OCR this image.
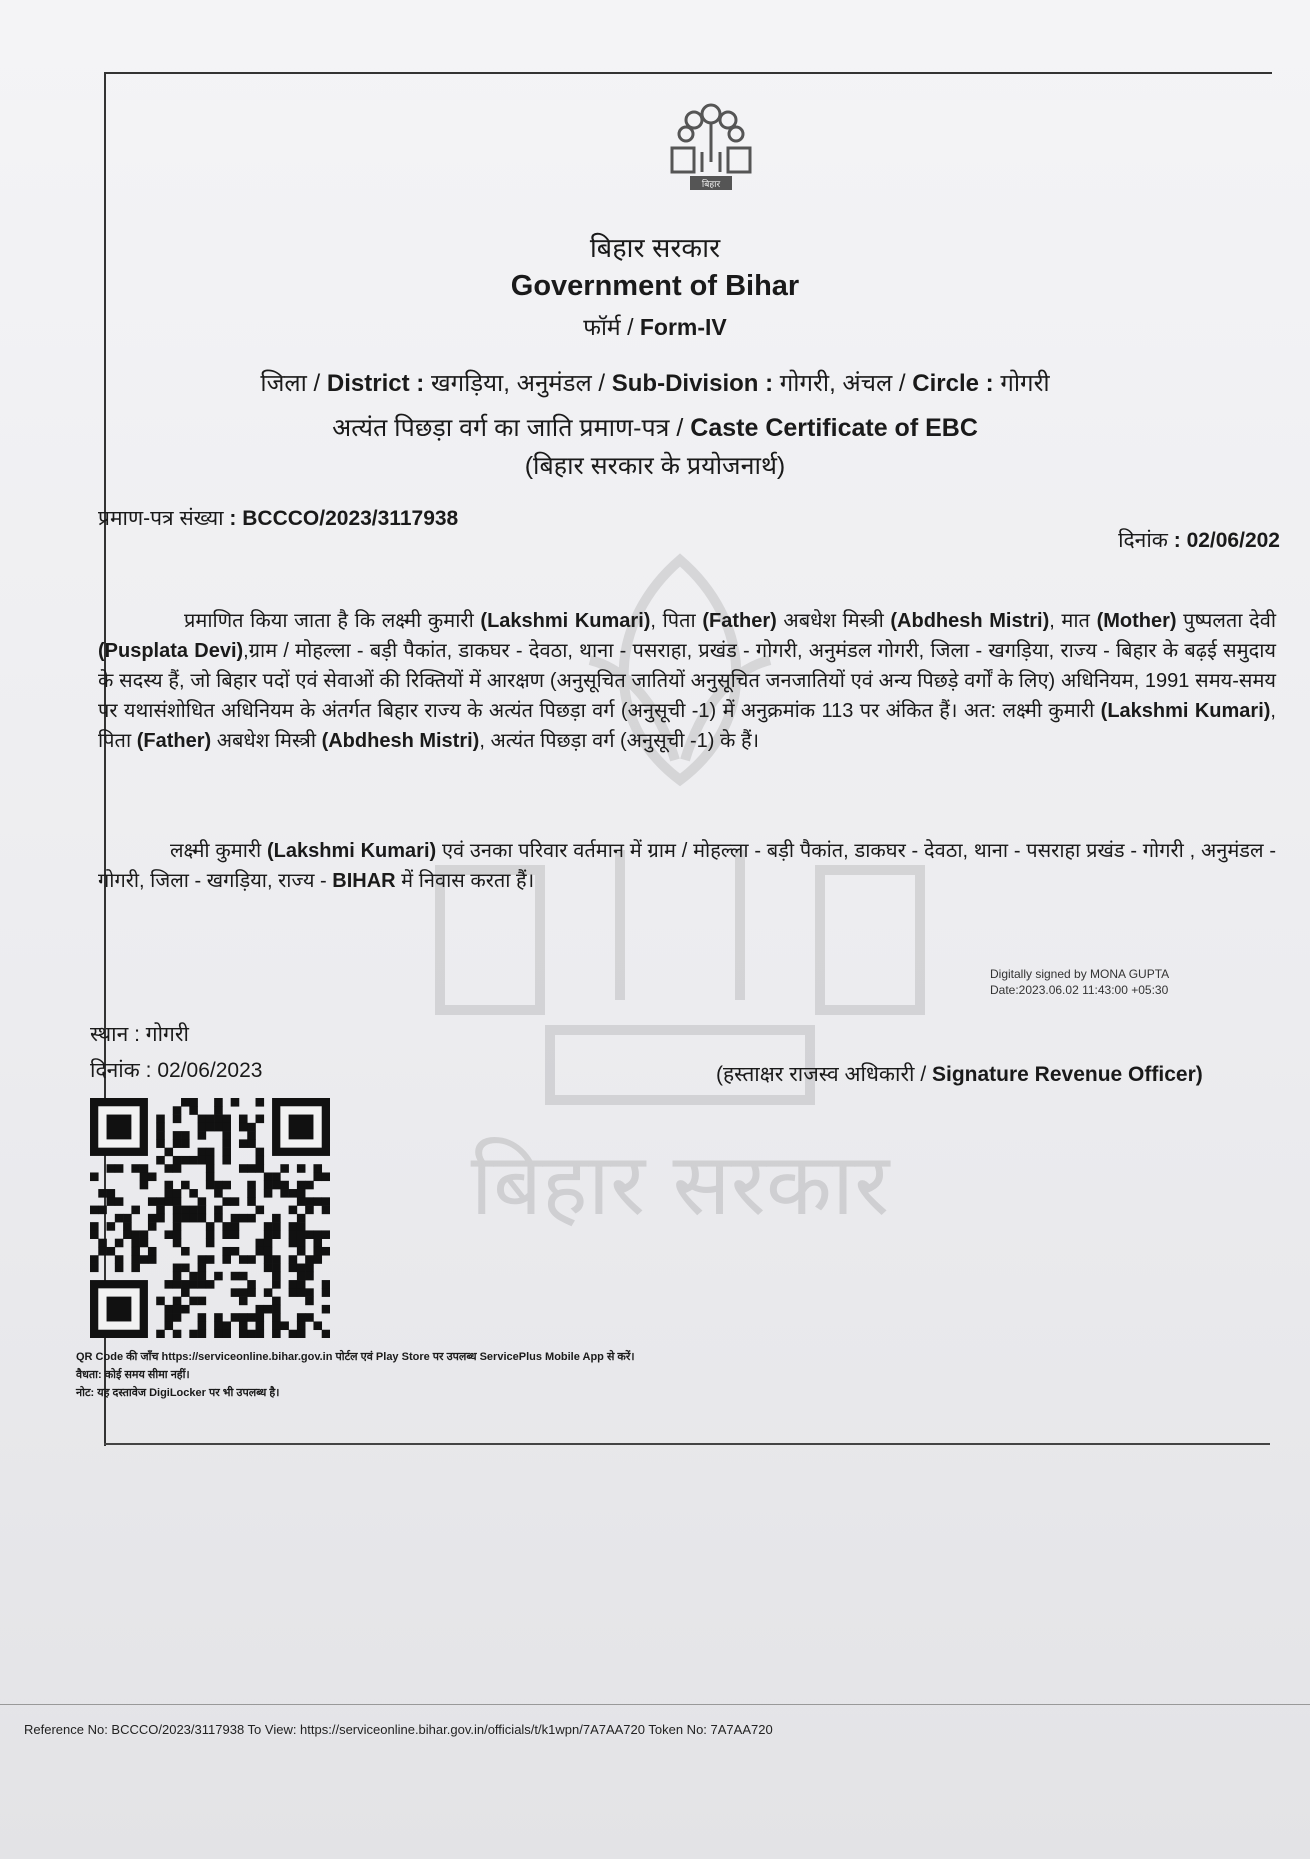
बिहार सरकार
बिहार
बिहार सरकार
Government of Bihar
फॉर्म / Form-IV
जिला / District : खगड़िया, अनुमंडल / Sub-Division : गोगरी, अंचल / Circle : गोगरी
अत्यंत पिछड़ा वर्ग का जाति प्रमाण-पत्र / Caste Certificate of EBC
(बिहार सरकार के प्रयोजनार्थ)
प्रमाण-पत्र संख्या : BCCCO/2023/3117938
दिनांक : 02/06/202
प्रमाणित किया जाता है कि लक्ष्मी कुमारी (Lakshmi Kumari), पिता (Father) अबधेश मिस्त्री (Abdhesh Mistri), मात (Mother) पुष्पलता देवी (Pusplata Devi),ग्राम / मोहल्ला - बड़ी पैकांत, डाकघर - देवठा, थाना - पसराहा, प्रखंड - गोगरी, अनुमंडल गोगरी, जिला - खगड़िया, राज्य - बिहार के बढ़ई समुदाय के सदस्य हैं, जो बिहार पदों एवं सेवाओं की रिक्तियों में आरक्षण (अनुसूचित जातियों अनुसूचित जनजातियों एवं अन्य पिछड़े वर्गों के लिए) अधिनियम, 1991 समय-समय पर यथासंशोधित अधिनियम के अंतर्गत बिहार राज्य के अत्यंत पिछड़ा वर्ग (अनुसूची -1) में अनुक्रमांक 113 पर अंकित हैं। अत: लक्ष्मी कुमारी (Lakshmi Kumari), पिता (Father) अबधेश मिस्त्री (Abdhesh Mistri), अत्यंत पिछड़ा वर्ग (अनुसूची -1) के हैं।
लक्ष्मी कुमारी (Lakshmi Kumari) एवं उनका परिवार वर्तमान में ग्राम / मोहल्ला - बड़ी पैकांत, डाकघर - देवठा, थाना - पसराहा प्रखंड - गोगरी , अनुमंडल - गोगरी, जिला - खगड़िया, राज्य - BIHAR में निवास करता हैं।
Digitally signed by MONA GUPTA
Date:2023.06.02 11:43:00 +05:30
स्थान : गोगरी
दिनांक : 02/06/2023	(हस्ताक्षर राजस्व अधिकारी / Signature Revenue Officer)
QR Code की जाँच https://serviceonline.bihar.gov.in पोर्टल एवं Play Store पर उपलब्ध ServicePlus Mobile App से करें।
वैधता: कोई समय सीमा नहीं।
नोट: यह दस्तावेज DigiLocker पर भी उपलब्ध है।
Reference No: BCCCO/2023/3117938 To View: https://serviceonline.bihar.gov.in/officials/t/k1wpn/7A7AA720 Token No: 7A7AA720
